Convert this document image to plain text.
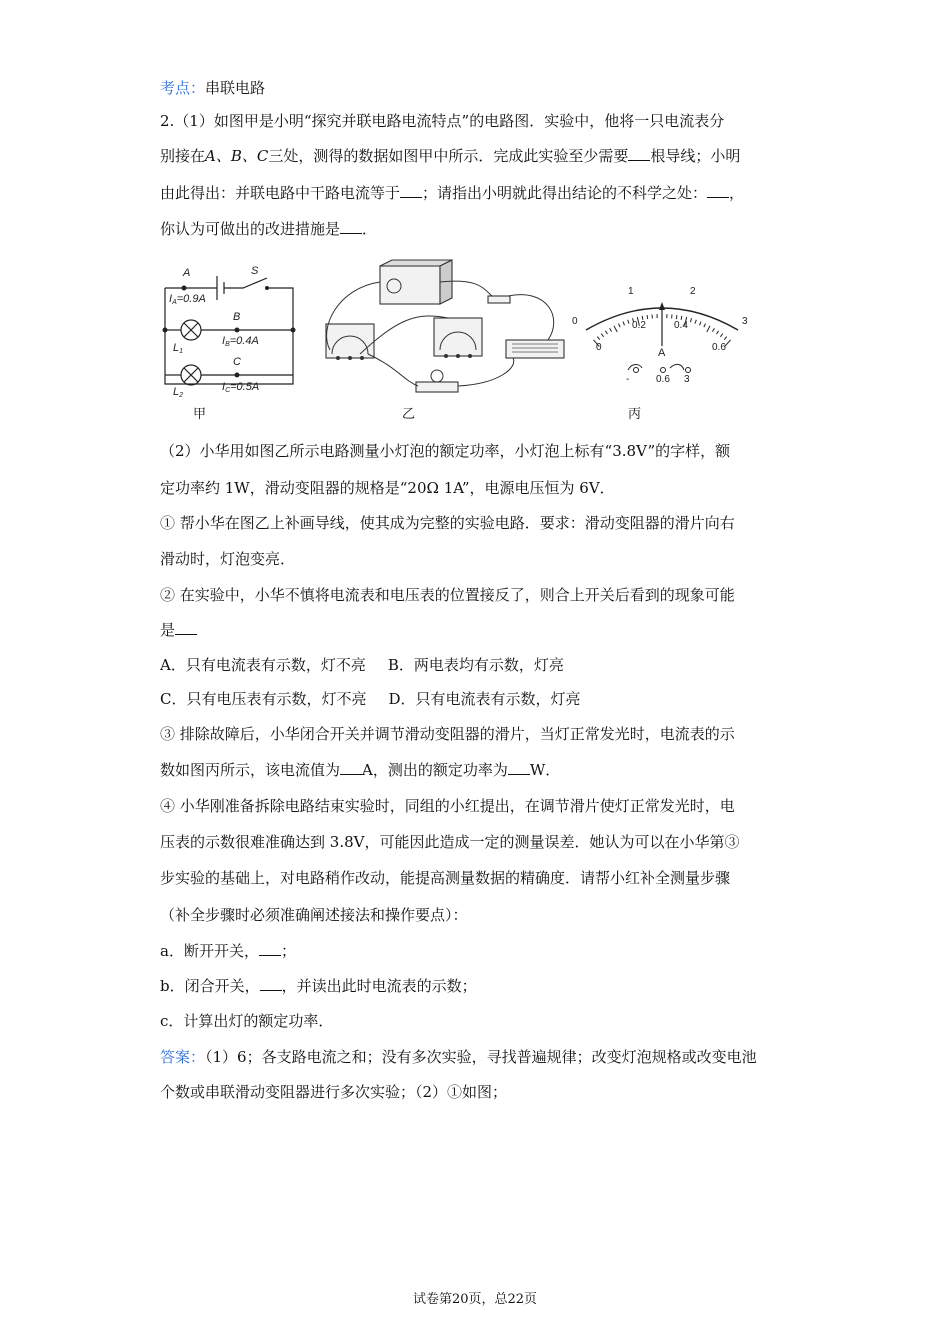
考点：串联电路
2.（1）如图甲是小明“探究并联电路电流特点”的电路图．实验中，他将一只电流表分
别接在A、B、C三处，测得的数据如图甲中所示．完成此实验至少需要 根导线；小明
由此得出：并联电路中干路电流等于 ；请指出小明就此得出结论的不科学之处： ，
你认为可做出的改进措施是 ．
A	S
IA=0.9A
B
IB=0.4A
C
IC=0.5A
L1
L2
甲	乙
0
1	2
3
0
0.2	0.4
0.6
A
-	0.6 3
丙
（2）小华用如图乙所示电路测量小灯泡的额定功率，小灯泡上标有“3.8V”的字样，额
定功率约 1W，滑动变阻器的规格是“20Ω 1A”，电源电压恒为 6V．
① 帮小华在图乙上补画导线，使其成为完整的实验电路．要求：滑动变阻器的滑片向右
滑动时，灯泡变亮．
② 在实验中，小华不慎将电流表和电压表的位置接反了，则合上开关后看到的现象可能
是
A．只有电流表有示数，灯不亮 B．两电表均有示数，灯亮
C．只有电压表有示数，灯不亮 D．只有电流表有示数，灯亮
③ 排除故障后，小华闭合开关并调节滑动变阻器的滑片，当灯正常发光时，电流表的示
数如图丙所示，该电流值为 A，测出的额定功率为 W．
④ 小华刚准备拆除电路结束实验时，同组的小红提出，在调节滑片使灯正常发光时，电
压表的示数很难准确达到 3.8V，可能因此造成一定的测量误差．她认为可以在小华第③
步实验的基础上，对电路稍作改动，能提高测量数据的精确度．请帮小红补全测量步骤
（补全步骤时必须准确阐述接法和操作要点）：
a．断开开关， ；
b．闭合开关， ，并读出此时电流表的示数；
c．计算出灯的额定功率．
答案：（1）6；各支路电流之和；没有多次实验，寻找普遍规律；改变灯泡规格或改变电池
个数或串联滑动变阻器进行多次实验；（2）①如图；
试卷第20页，总22页
